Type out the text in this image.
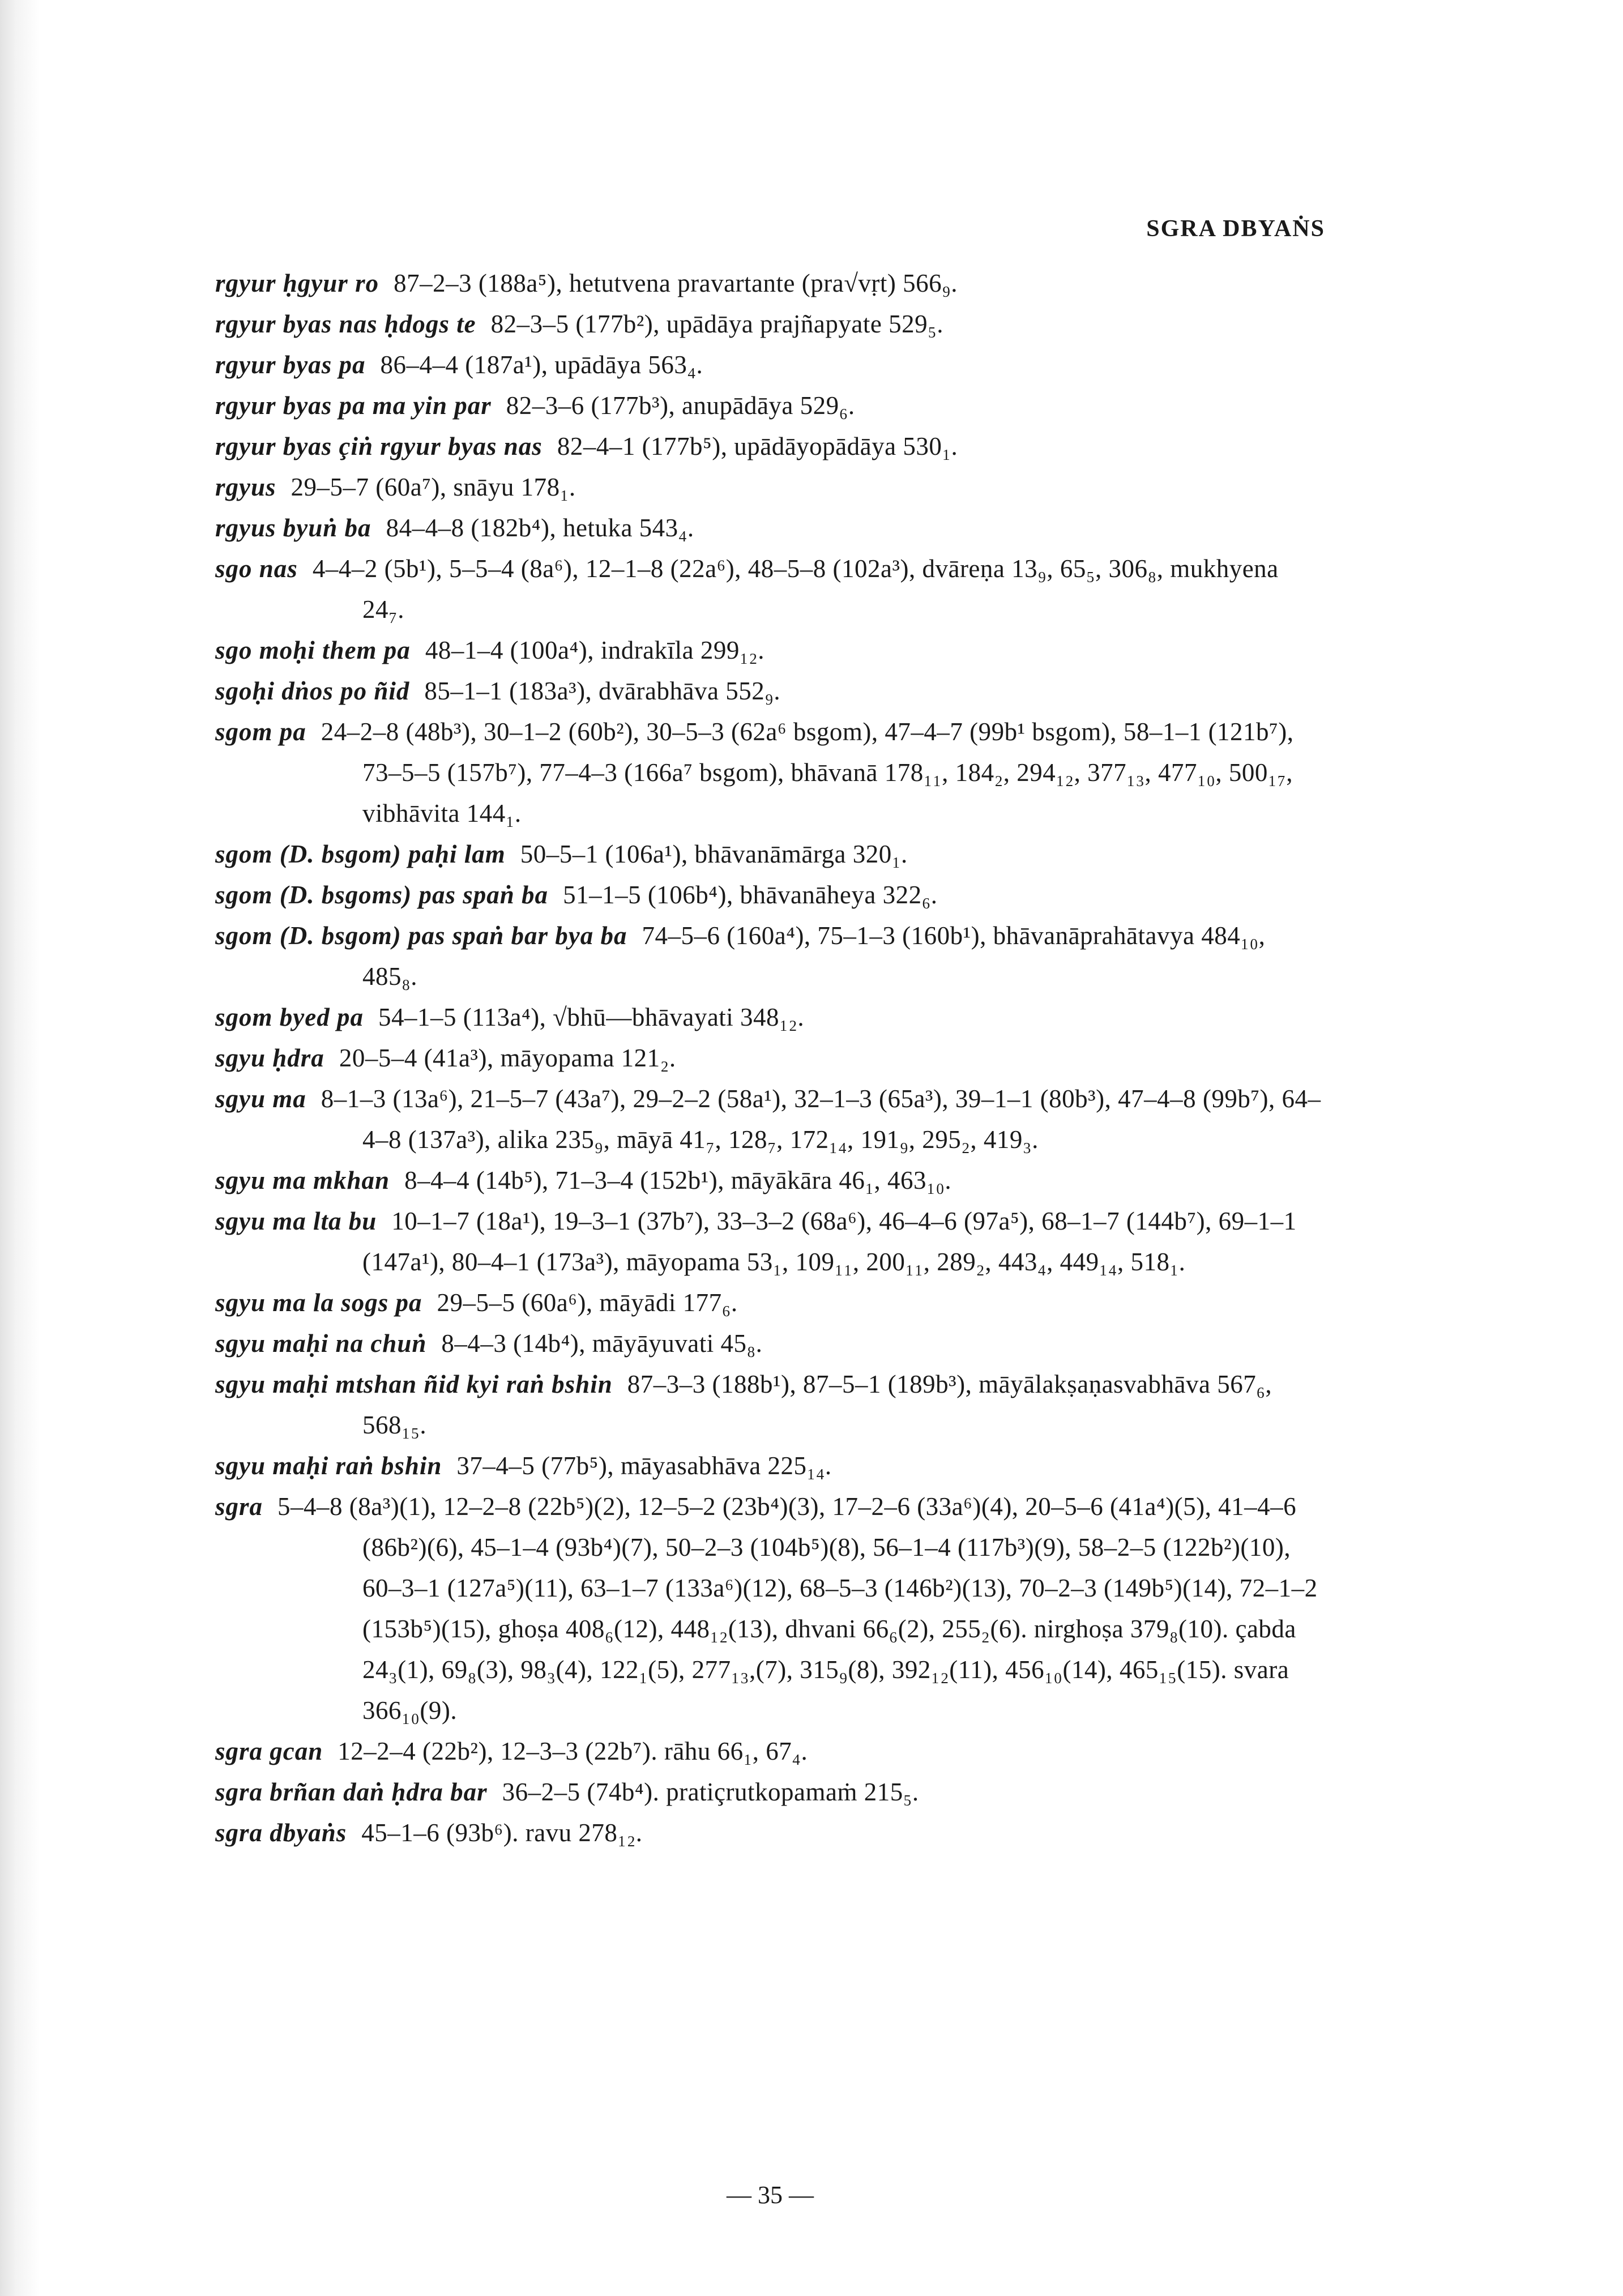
SGRA DBYAṄS

rgyur ḥgyur ro 87–2–3 (188a⁵), hetutvena pravartante (pra√vṛt) 566₉.

rgyur byas nas ḥdogs te 82–3–5 (177b²), upādāya prajñapyate 529₅.

rgyur byas pa 86–4–4 (187a¹), upādāya 563₄.

rgyur byas pa ma yin par 82–3–6 (177b³), anupādāya 529₆.

rgyur byas çiṅ rgyur byas nas 82–4–1 (177b⁵), upādāyopādāya 530₁.

rgyus 29–5–7 (60a⁷), snāyu 178₁.

rgyus byuṅ ba 84–4–8 (182b⁴), hetuka 543₄.

sgo nas 4–4–2 (5b¹), 5–5–4 (8a⁶), 12–1–8 (22a⁶), 48–5–8 (102a³), dvāreṇa 13₉, 65₅, 306₈, mukhyena 24₇.

sgo moḥi them pa 48–1–4 (100a⁴), indrakīla 299₁₂.

sgoḥi dṅos po ñid 85–1–1 (183a³), dvārabhāva 552₉.

sgom pa 24–2–8 (48b³), 30–1–2 (60b²), 30–5–3 (62a⁶ bsgom), 47–4–7 (99b¹ bsgom), 58–1–1 (121b⁷), 73–5–5 (157b⁷), 77–4–3 (166a⁷ bsgom), bhāvanā 178₁₁, 184₂, 294₁₂, 377₁₃, 477₁₀, 500₁₇, vibhāvita 144₁.

sgom (D. bsgom) paḥi lam 50–5–1 (106a¹), bhāvanāmārga 320₁.

sgom (D. bsgoms) pas spaṅ ba 51–1–5 (106b⁴), bhāvanāheya 322₆.

sgom (D. bsgom) pas spaṅ bar bya ba 74–5–6 (160a⁴), 75–1–3 (160b¹), bhāvanāprahātavya 484₁₀, 485₈.

sgom byed pa 54–1–5 (113a⁴), √bhū—bhāvayati 348₁₂.

sgyu ḥdra 20–5–4 (41a³), māyopama 121₂.

sgyu ma 8–1–3 (13a⁶), 21–5–7 (43a⁷), 29–2–2 (58a¹), 32–1–3 (65a³), 39–1–1 (80b³), 47–4–8 (99b⁷), 64–4–8 (137a³), alika 235₉, māyā 41₇, 128₇, 172₁₄, 191₉, 295₂, 419₃.

sgyu ma mkhan 8–4–4 (14b⁵), 71–3–4 (152b¹), māyākāra 46₁, 463₁₀.

sgyu ma lta bu 10–1–7 (18a¹), 19–3–1 (37b⁷), 33–3–2 (68a⁶), 46–4–6 (97a⁵), 68–1–7 (144b⁷), 69–1–1 (147a¹), 80–4–1 (173a³), māyopama 53₁, 109₁₁, 200₁₁, 289₂, 443₄, 449₁₄, 518₁.

sgyu ma la sogs pa 29–5–5 (60a⁶), māyādi 177₆.

sgyu maḥi na chuṅ 8–4–3 (14b⁴), māyāyuvati 45₈.

sgyu maḥi mtshan ñid kyi raṅ bshin 87–3–3 (188b¹), 87–5–1 (189b³), māyālakṣaṇasvabhāva 567₆, 568₁₅.

sgyu maḥi raṅ bshin 37–4–5 (77b⁵), māyasabhāva 225₁₄.

sgra 5–4–8 (8a³)(1), 12–2–8 (22b⁵)(2), 12–5–2 (23b⁴)(3), 17–2–6 (33a⁶)(4), 20–5–6 (41a⁴)(5), 41–4–6 (86b²)(6), 45–1–4 (93b⁴)(7), 50–2–3 (104b⁵)(8), 56–1–4 (117b³)(9), 58–2–5 (122b²)(10), 60–3–1 (127a⁵)(11), 63–1–7 (133a⁶)(12), 68–5–3 (146b²)(13), 70–2–3 (149b⁵)(14), 72–1–2 (153b⁵)(15), ghoṣa 408₆(12), 448₁₂(13), dhvani 66₆(2), 255₂(6). nirghoṣa 379₈(10). çabda 24₃(1), 69₈(3), 98₃(4), 122₁(5), 277₁₃,(7), 315₉(8), 392₁₂(11), 456₁₀(14), 465₁₅(15). svara 366₁₀(9).

sgra gcan 12–2–4 (22b²), 12–3–3 (22b⁷). rāhu 66₁, 67₄.

sgra brñan daṅ ḥdra bar 36–2–5 (74b⁴). pratiçrutkopamaṁ 215₅.

sgra dbyaṅs 45–1–6 (93b⁶). ravu 278₁₂.

— 35 —
